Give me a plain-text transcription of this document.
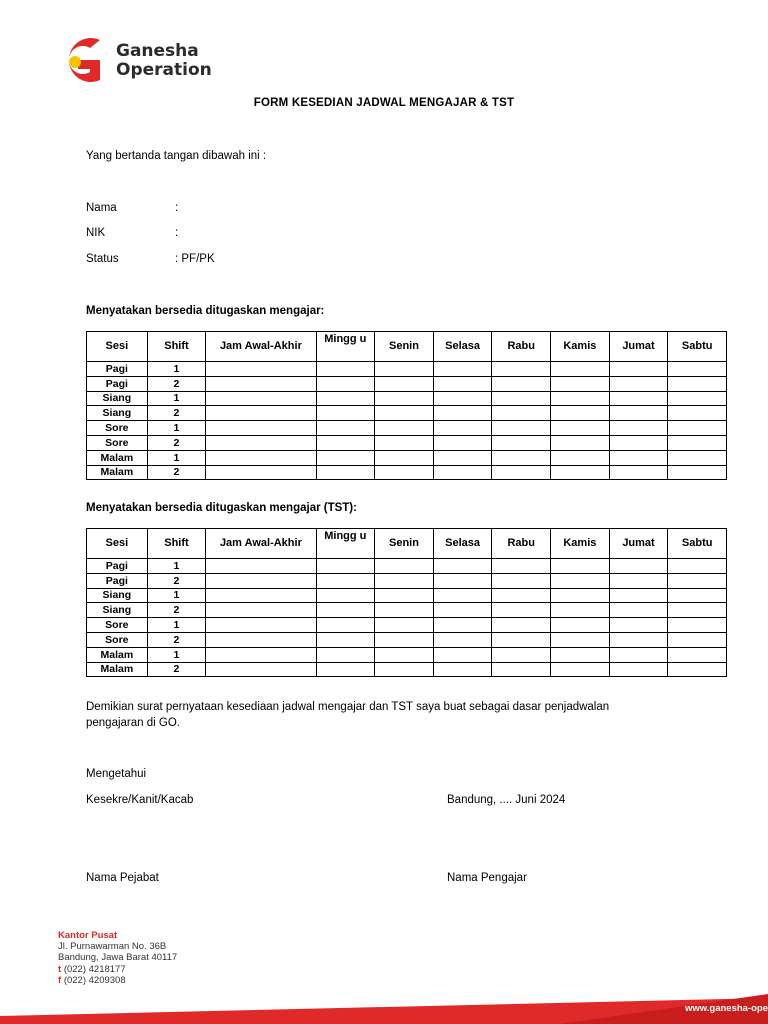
Ganesha
Operation
FORM KESEDIAN JADWAL MENGAJAR & TST
Yang bertanda tangan dibawah ini :
Nama	:
NIK	:
Status	: PF/PK
Menyatakan bersedia ditugaskan mengajar:
Sesi	Shift	Jam Awal-Akhir	Mingg u	Senin	Selasa	Rabu	Kamis	Jumat	Sabtu
Pagi	1								
Pagi	2								
Siang	1								
Siang	2								
Sore	1								
Sore	2								
Malam	1								
Malam	2								
Menyatakan bersedia ditugaskan mengajar (TST):
Sesi	Shift	Jam Awal-Akhir	Mingg u	Senin	Selasa	Rabu	Kamis	Jumat	Sabtu
Pagi	1								
Pagi	2								
Siang	1								
Siang	2								
Sore	1								
Sore	2								
Malam	1								
Malam	2								
Demikian surat pernyataan kesediaan jadwal mengajar dan TST saya buat sebagai dasar penjadwalan
pengajaran di GO.
Mengetahui
Kesekre/Kanit/Kacab	Bandung, .... Juni 2024
Nama Pejabat	Nama Pengajar
Kantor Pusat
Jl. Purnawarman No. 36B
Bandung, Jawa Barat 40117
t (022) 4218177
f (022) 4209308
www.ganesha-ope
